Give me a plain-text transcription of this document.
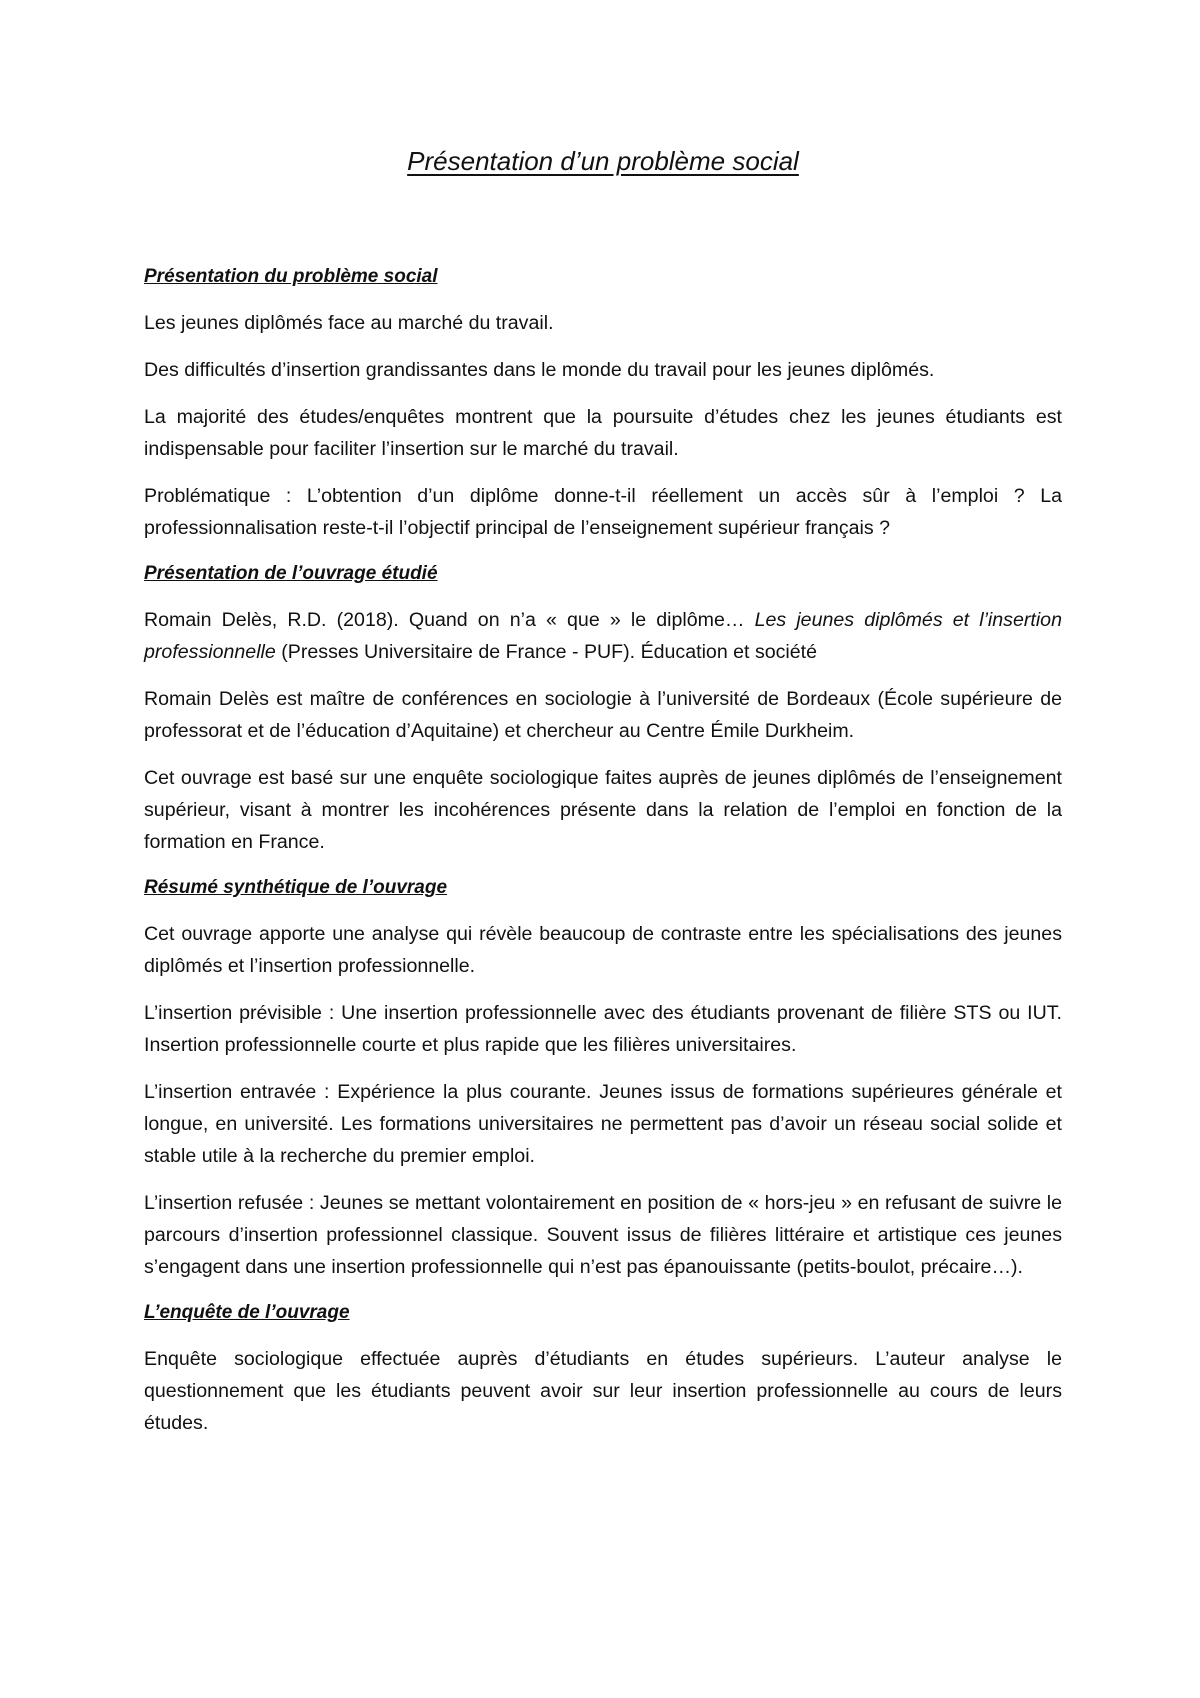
Présentation d’un problème social
Présentation du problème social

Les jeunes diplômés face au marché du travail.

Des difficultés d’insertion grandissantes dans le monde du travail pour les jeunes diplômés.

La majorité des études/enquêtes montrent que la poursuite d’études chez les jeunes étudiants est indispensable pour faciliter l’insertion sur le marché du travail.

Problématique : L’obtention d’un diplôme donne-t-il réellement un accès sûr à l’emploi ? La professionnalisation reste-t-il l’objectif principal de l’enseignement supérieur français ?

Présentation de l’ouvrage étudié

Romain Delès, R.D. (2018). Quand on n’a « que » le diplôme… Les jeunes diplômés et l’insertion professionnelle (Presses Universitaire de France - PUF). Éducation et société

Romain Delès est maître de conférences en sociologie à l’université de Bordeaux (École supérieure de professorat et de l’éducation d’Aquitaine) et chercheur au Centre Émile Durkheim.

Cet ouvrage est basé sur une enquête sociologique faites auprès de jeunes diplômés de l’enseignement supérieur, visant à montrer les incohérences présente dans la relation de l’emploi en fonction de la formation en France.

Résumé synthétique de l’ouvrage

Cet ouvrage apporte une analyse qui révèle beaucoup de contraste entre les spécialisations des jeunes diplômés et l’insertion professionnelle.

L’insertion prévisible : Une insertion professionnelle avec des étudiants provenant de filière STS ou IUT. Insertion professionnelle courte et plus rapide que les filières universitaires.

L’insertion entravée : Expérience la plus courante. Jeunes issus de formations supérieures générale et longue, en université. Les formations universitaires ne permettent pas d’avoir un réseau social solide et stable utile à la recherche du premier emploi.

L’insertion refusée : Jeunes se mettant volontairement en position de « hors-jeu » en refusant de suivre le parcours d’insertion professionnel classique. Souvent issus de filières littéraire et artistique ces jeunes s’engagent dans une insertion professionnelle qui n’est pas épanouissante (petits-boulot, précaire…).

L’enquête de l’ouvrage

Enquête sociologique effectuée auprès d’étudiants en études supérieurs. L’auteur analyse le questionnement que les étudiants peuvent avoir sur leur insertion professionnelle au cours de leurs études.
